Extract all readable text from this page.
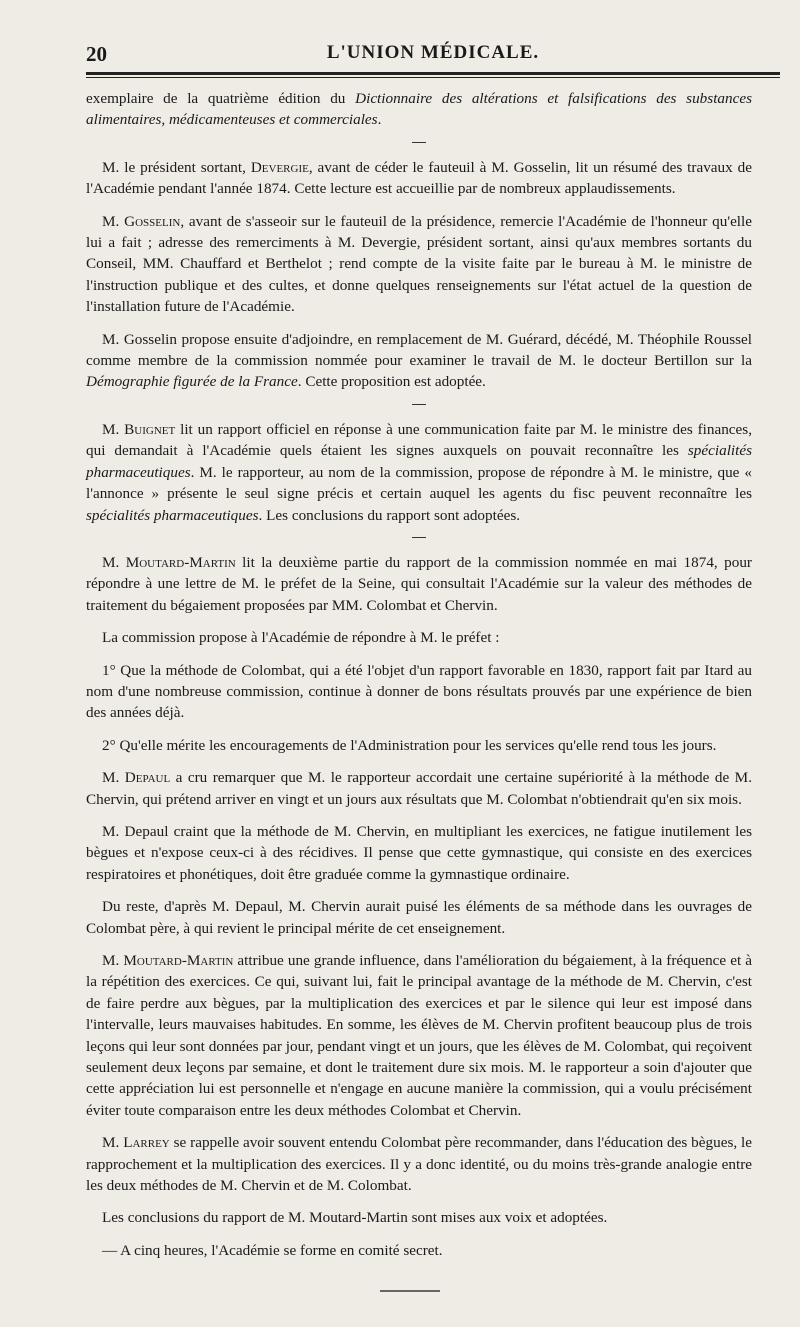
20	L'UNION MÉDICALE.

exemplaire de la quatrième édition du Dictionnaire des altérations et falsifications des substances alimentaires, médicamenteuses et commerciales.

M. le président sortant, Devergie, avant de céder le fauteuil à M. Gosselin, lit un résumé des travaux de l'Académie pendant l'année 1874. Cette lecture est accueillie par de nombreux applaudissements.

M. Gosselin, avant de s'asseoir sur le fauteuil de la présidence, remercie l'Académie de l'honneur qu'elle lui a fait ; adresse des remerciments à M. Devergie, président sortant, ainsi qu'aux membres sortants du Conseil, MM. Chauffard et Berthelot ; rend compte de la visite faite par le bureau à M. le ministre de l'instruction publique et des cultes, et donne quelques renseignements sur l'état actuel de la question de l'installation future de l'Académie.

M. Gosselin propose ensuite d'adjoindre, en remplacement de M. Guérard, décédé, M. Théophile Roussel comme membre de la commission nommée pour examiner le travail de M. le docteur Bertillon sur la Démographie figurée de la France. Cette proposition est adoptée.

M. Buignet lit un rapport officiel en réponse à une communication faite par M. le ministre des finances, qui demandait à l'Académie quels étaient les signes auxquels on pouvait reconnaître les spécialités pharmaceutiques. M. le rapporteur, au nom de la commission, propose de répondre à M. le ministre, que « l'annonce » présente le seul signe précis et certain auquel les agents du fisc peuvent reconnaître les spécialités pharmaceutiques. Les conclusions du rapport sont adoptées.

M. Moutard-Martin lit la deuxième partie du rapport de la commission nommée en mai 1874, pour répondre à une lettre de M. le préfet de la Seine, qui consultait l'Académie sur la valeur des méthodes de traitement du bégaiement proposées par MM. Colombat et Chervin.

La commission propose à l'Académie de répondre à M. le préfet :

1° Que la méthode de Colombat, qui a été l'objet d'un rapport favorable en 1830, rapport fait par Itard au nom d'une nombreuse commission, continue à donner de bons résultats prouvés par une expérience de bien des années déjà.

2° Qu'elle mérite les encouragements de l'Administration pour les services qu'elle rend tous les jours.

M. Depaul a cru remarquer que M. le rapporteur accordait une certaine supériorité à la méthode de M. Chervin, qui prétend arriver en vingt et un jours aux résultats que M. Colombat n'obtiendrait qu'en six mois.

M. Depaul craint que la méthode de M. Chervin, en multipliant les exercices, ne fatigue inutilement les bègues et n'expose ceux-ci à des récidives. Il pense que cette gymnastique, qui consiste en des exercices respiratoires et phonétiques, doit être graduée comme la gymnastique ordinaire.

Du reste, d'après M. Depaul, M. Chervin aurait puisé les éléments de sa méthode dans les ouvrages de Colombat père, à qui revient le principal mérite de cet enseignement.

M. Moutard-Martin attribue une grande influence, dans l'amélioration du bégaiement, à la fréquence et à la répétition des exercices. Ce qui, suivant lui, fait le principal avantage de la méthode de M. Chervin, c'est de faire perdre aux bègues, par la multiplication des exercices et par le silence qui leur est imposé dans l'intervalle, leurs mauvaises habitudes. En somme, les élèves de M. Chervin profitent beaucoup plus de trois leçons qui leur sont données par jour, pendant vingt et un jours, que les élèves de M. Colombat, qui reçoivent seulement deux leçons par semaine, et dont le traitement dure six mois. M. le rapporteur a soin d'ajouter que cette appréciation lui est personnelle et n'engage en aucune manière la commission, qui a voulu précisément éviter toute comparaison entre les deux méthodes Colombat et Chervin.

M. Larrey se rappelle avoir souvent entendu Colombat père recommander, dans l'éducation des bègues, le rapprochement et la multiplication des exercices. Il y a donc identité, ou du moins très-grande analogie entre les deux méthodes de M. Chervin et de M. Colombat.

Les conclusions du rapport de M. Moutard-Martin sont mises aux voix et adoptées.

— A cinq heures, l'Académie se forme en comité secret.
